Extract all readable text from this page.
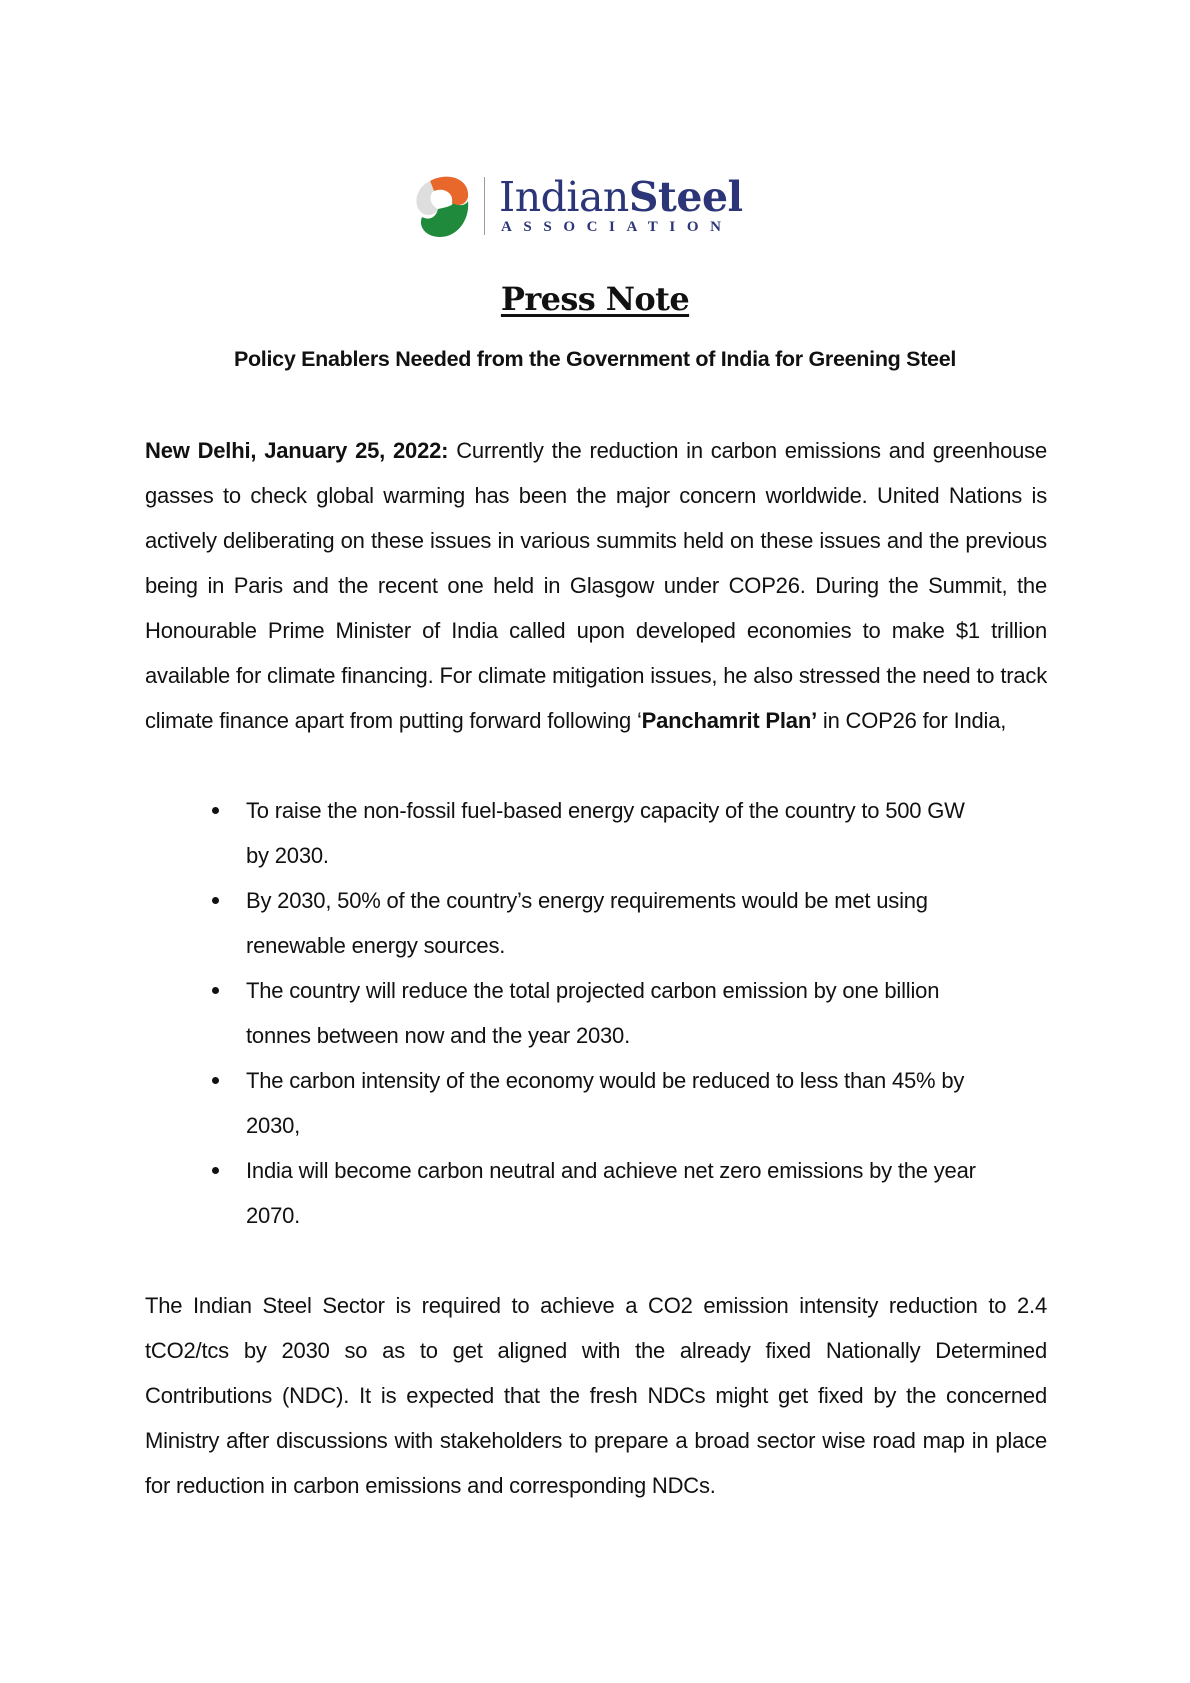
IndianSteel
ASSOCIATION
Press Note
Policy Enablers Needed from the Government of India for Greening Steel

New Delhi, January 25, 2022: Currently the reduction in carbon emissions and greenhouse gasses to check global warming has been the major concern worldwide. United Nations is actively deliberating on these issues in various summits held on these issues and the previous being in Paris and the recent one held in Glasgow under COP26. During the Summit, the Honourable Prime Minister of India called upon developed economies to make $1 trillion available for climate financing. For climate mitigation issues, he also stressed the need to track climate finance apart from putting forward following ‘Panchamrit Plan’ in COP26 for India,

To raise the non-fossil fuel-based energy capacity of the country to 500 GW by 2030.
By 2030, 50% of the country’s energy requirements would be met using renewable energy sources.
The country will reduce the total projected carbon emission by one billion tonnes between now and the year 2030.
The carbon intensity of the economy would be reduced to less than 45% by 2030,
India will become carbon neutral and achieve net zero emissions by the year 2070.

The Indian Steel Sector is required to achieve a CO2 emission intensity reduction to 2.4 tCO2/tcs by 2030 so as to get aligned with the already fixed Nationally Determined Contributions (NDC). It is expected that the fresh NDCs might get fixed by the concerned Ministry after discussions with stakeholders to prepare a broad sector wise road map in place for reduction in carbon emissions and corresponding NDCs.
